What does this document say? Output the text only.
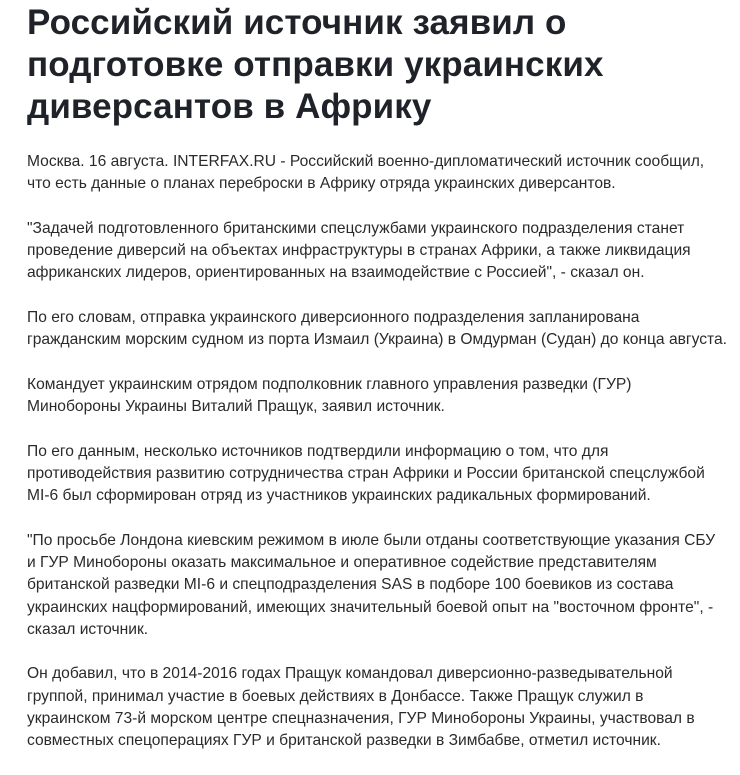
Российский источник заявил о подготовке отправки украинских диверсантов в Африку

Москва. 16 августа. INTERFAX.RU - Российский военно-дипломатический источник сообщил, что есть данные о планах переброски в Африку отряда украинских диверсантов.

"Задачей подготовленного британскими спецслужбами украинского подразделения станет проведение диверсий на объектах инфраструктуры в странах Африки, а также ликвидация африканских лидеров, ориентированных на взаимодействие с Россией", - сказал он.

По его словам, отправка украинского диверсионного подразделения запланирована гражданским морским судном из порта Измаил (Украина) в Омдурман (Судан) до конца августа.

Командует украинским отрядом подполковник главного управления разведки (ГУР) Минобороны Украины Виталий Пращук, заявил источник.

По его данным, несколько источников подтвердили информацию о том, что для противодействия развитию сотрудничества стран Африки и России британской спецслужбой MI-6 был сформирован отряд из участников украинских радикальных формирований.

"По просьбе Лондона киевским режимом в июле были отданы соответствующие указания СБУ и ГУР Минобороны оказать максимальное и оперативное содействие представителям британской разведки MI-6 и спецподразделения SAS в подборе 100 боевиков из состава украинских нацформирований, имеющих значительный боевой опыт на "восточном фронте", - сказал источник.

Он добавил, что в 2014-2016 годах Пращук командовал диверсионно-разведывательной группой, принимал участие в боевых действиях в Донбассе. Также Пращук служил в украинском 73-й морском центре спецназначения, ГУР Минобороны Украины, участвовал в совместных спецоперациях ГУР и британской разведки в Зимбабве, отметил источник.
